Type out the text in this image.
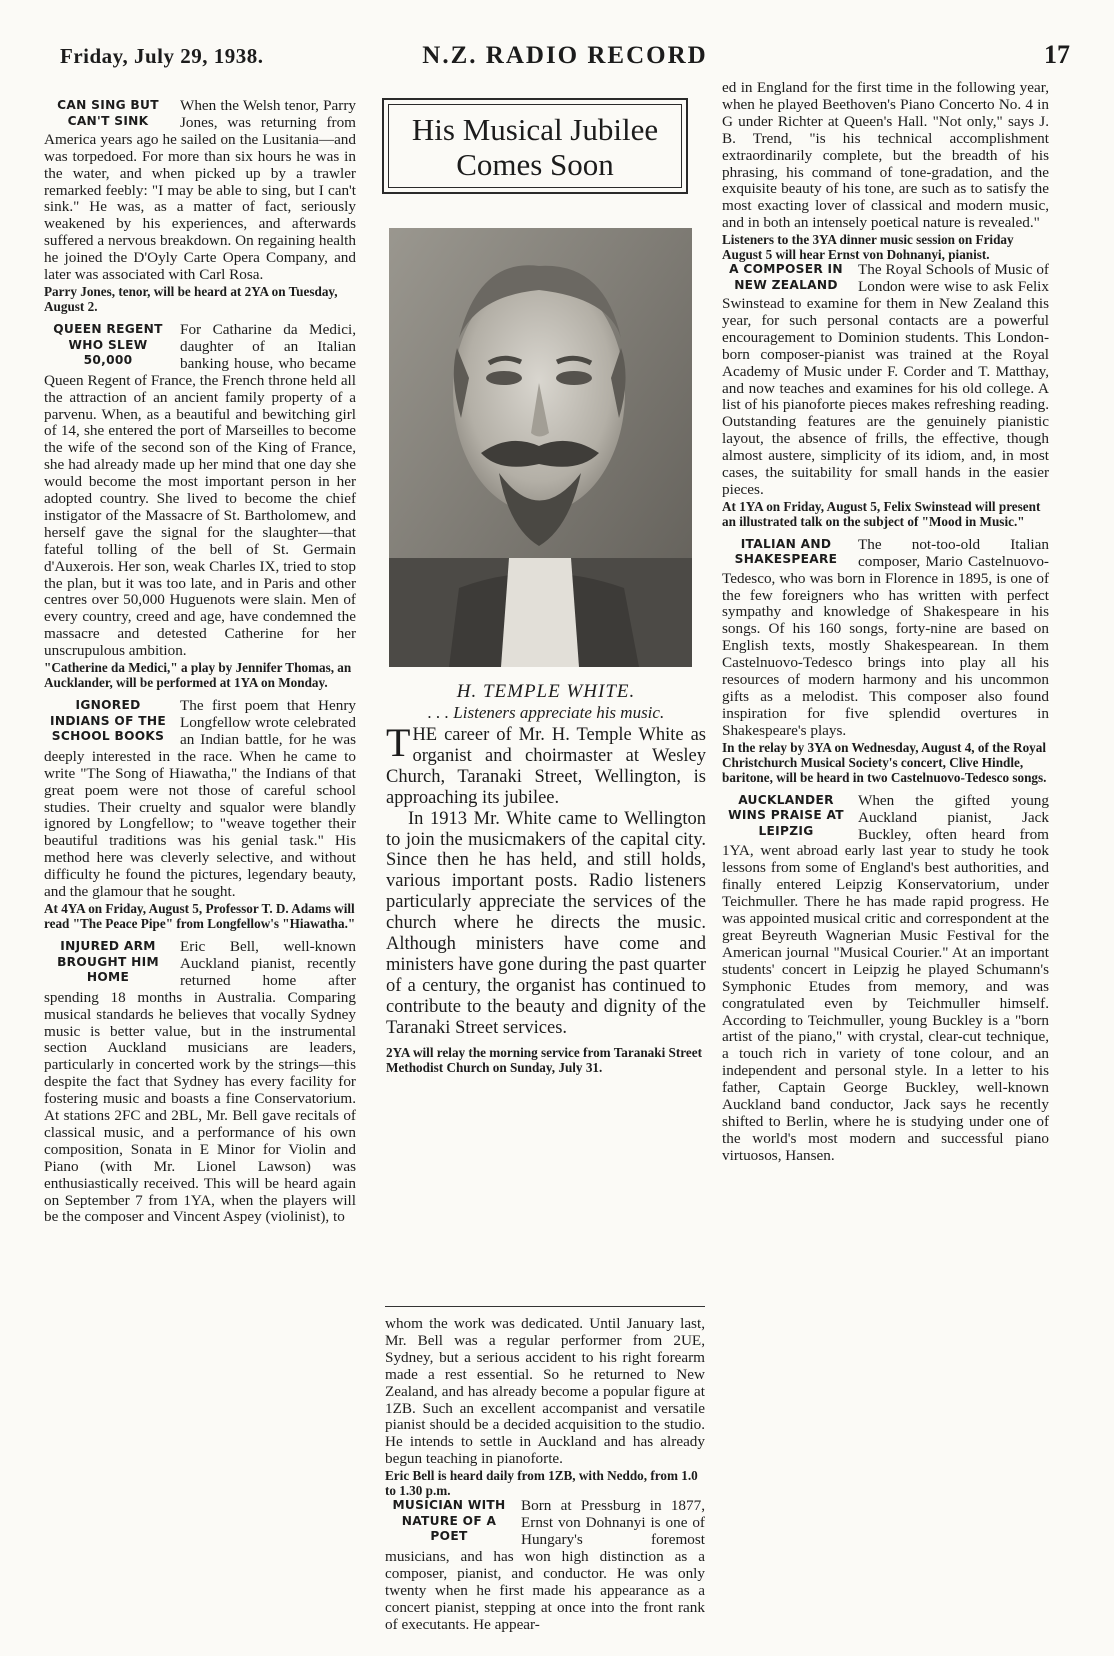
Friday, July 29, 1938.	N.Z. RADIO RECORD	17
CAN SING BUT CAN'T SINK

When the Welsh tenor, Parry Jones, was returning from America years ago he sailed on the Lusitania—and was torpedoed. For more than six hours he was in the water, and when picked up by a trawler remarked feebly: "I may be able to sing, but I can't sink." He was, as a matter of fact, seriously weakened by his experiences, and afterwards suffered a nervous breakdown. On regaining health he joined the D'Oyly Carte Opera Company, and later was associated with Carl Rosa.

Parry Jones, tenor, will be heard at 2YA on Tuesday, August 2.

QUEEN REGENT WHO SLEW 50,000

For Catharine da Medici, daughter of an Italian banking house, who became Queen Regent of France, the French throne held all the attraction of an ancient family property of a parvenu. When, as a beautiful and bewitching girl of 14, she entered the port of Marseilles to become the wife of the second son of the King of France, she had already made up her mind that one day she would become the most important person in her adopted country. She lived to become the chief instigator of the Massacre of St. Bartholomew, and herself gave the signal for the slaughter—that fateful tolling of the bell of St. Germain d'Auxerois. Her son, weak Charles IX, tried to stop the plan, but it was too late, and in Paris and other centres over 50,000 Huguenots were slain. Men of every country, creed and age, have condemned the massacre and detested Catherine for her unscrupulous ambition.

"Catherine da Medici," a play by Jennifer Thomas, an Aucklander, will be performed at 1YA on Monday.

IGNORED INDIANS OF THE SCHOOL BOOKS

The first poem that Henry Longfellow wrote celebrated an Indian battle, for he was deeply interested in the race. When he came to write "The Song of Hiawatha," the Indians of that great poem were not those of careful school studies. Their cruelty and squalor were blandly ignored by Longfellow; to "weave together their beautiful traditions was his genial task." His method here was cleverly selective, and without difficulty he found the pictures, legendary beauty, and the glamour that he sought.

At 4YA on Friday, August 5, Professor T. D. Adams will read "The Peace Pipe" from Longfellow's "Hiawatha."

INJURED ARM BROUGHT HIM HOME

Eric Bell, well-known Auckland pianist, recently returned home after spending 18 months in Australia. Comparing musical standards he believes that vocally Sydney music is better value, but in the instrumental section Auckland musicians are leaders, particularly in concerted work by the strings—this despite the fact that Sydney has every facility for fostering music and boasts a fine Conservatorium. At stations 2FC and 2BL, Mr. Bell gave recitals of classical music, and a performance of his own composition, Sonata in E Minor for Violin and Piano (with Mr. Lionel Lawson) was enthusiastically received. This will be heard again on September 7 from 1YA, when the players will be the composer and Vincent Aspey (violinist), to

His Musical Jubilee Comes Soon
H. TEMPLE WHITE.
. . . Listeners appreciate his music.

THE career of Mr. H. Temple White as organist and choirmaster at Wesley Church, Taranaki Street, Wellington, is approaching its jubilee.

In 1913 Mr. White came to Wellington to join the musicmakers of the capital city. Since then he has held, and still holds, various important posts. Radio listeners particularly appreciate the services of the church where he directs the music. Although ministers have come and ministers have gone during the past quarter of a century, the organist has continued to contribute to the beauty and dignity of the Taranaki Street services.

2YA will relay the morning service from Taranaki Street Methodist Church on Sunday, July 31.

whom the work was dedicated. Until January last, Mr. Bell was a regular performer from 2UE, Sydney, but a serious accident to his right forearm made a rest essential. So he returned to New Zealand, and has already become a popular figure at 1ZB. Such an excellent accompanist and versatile pianist should be a decided acquisition to the studio. He intends to settle in Auckland and has already begun teaching in pianoforte.

Eric Bell is heard daily from 1ZB, with Neddo, from 1.0 to 1.30 p.m.

MUSICIAN WITH NATURE OF A POET

Born at Pressburg in 1877, Ernst von Dohnanyi is one of Hungary's foremost musicians, and has won high distinction as a composer, pianist, and conductor. He was only twenty when he first made his appearance as a concert pianist, stepping at once into the front rank of executants. He appear-

ed in England for the first time in the following year, when he played Beethoven's Piano Concerto No. 4 in G under Richter at Queen's Hall. "Not only," says J. B. Trend, "is his technical accomplishment extraordinarily complete, but the breadth of his phrasing, his command of tone-gradation, and the exquisite beauty of his tone, are such as to satisfy the most exacting lover of classical and modern music, and in both an intensely poetical nature is revealed."

Listeners to the 3YA dinner music session on Friday August 5 will hear Ernst von Dohnanyi, pianist.

A COMPOSER IN NEW ZEALAND

The Royal Schools of Music of London were wise to ask Felix Swinstead to examine for them in New Zealand this year, for such personal contacts are a powerful encouragement to Dominion students. This London-born composer-pianist was trained at the Royal Academy of Music under F. Corder and T. Matthay, and now teaches and examines for his old college. A list of his pianoforte pieces makes refreshing reading. Outstanding features are the genuinely pianistic layout, the absence of frills, the effective, though almost austere, simplicity of its idiom, and, in most cases, the suitability for small hands in the easier pieces.

At 1YA on Friday, August 5, Felix Swinstead will present an illustrated talk on the subject of "Mood in Music."

ITALIAN AND SHAKESPEARE

The not-too-old Italian composer, Mario Castelnuovo-Tedesco, who was born in Florence in 1895, is one of the few foreigners who has written with perfect sympathy and knowledge of Shakespeare in his songs. Of his 160 songs, forty-nine are based on English texts, mostly Shakespearean. In them Castelnuovo-Tedesco brings into play all his resources of modern harmony and his uncommon gifts as a melodist. This composer also found inspiration for five splendid overtures in Shakespeare's plays.

In the relay by 3YA on Wednesday, August 4, of the Royal Christchurch Musical Society's concert, Clive Hindle, baritone, will be heard in two Castelnuovo-Tedesco songs.

AUCKLANDER WINS PRAISE AT LEIPZIG

When the gifted young Auckland pianist, Jack Buckley, often heard from 1YA, went abroad early last year to study he took lessons from some of England's best authorities, and finally entered Leipzig Konservatorium, under Teichmuller. There he has made rapid progress. He was appointed musical critic and correspondent at the great Beyreuth Wagnerian Music Festival for the American journal "Musical Courier." At an important students' concert in Leipzig he played Schumann's Symphonic Etudes from memory, and was congratulated even by Teichmuller himself. According to Teichmuller, young Buckley is a "born artist of the piano," with crystal, clear-cut technique, a touch rich in variety of tone colour, and an independent and personal style. In a letter to his father, Captain George Buckley, well-known Auckland band conductor, Jack says he recently shifted to Berlin, where he is studying under one of the world's most modern and successful piano virtuosos, Hansen.
